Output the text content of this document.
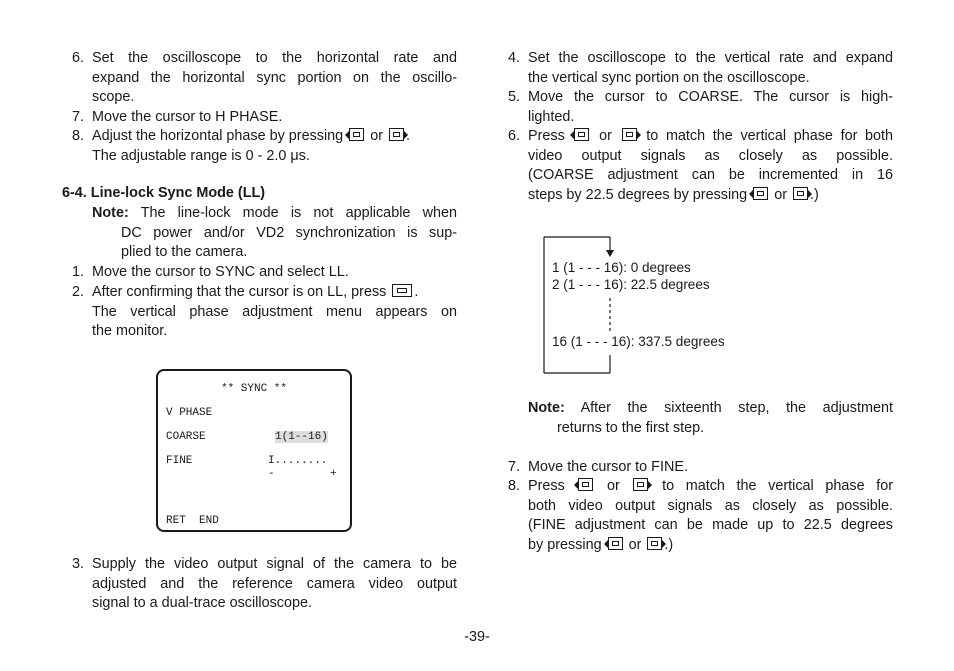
6. Set the oscilloscope to the horizontal rate and
expand the horizontal sync portion on the oscillo-
scope.
7. Move the cursor to H PHASE.
8. Adjust the horizontal phase by pressing or .
The adjustable range is 0 - 2.0 μs.
6-4. Line-lock Sync Mode (LL)
Note: The line-lock mode is not applicable when
DC power and/or VD2 synchronization is sup-
plied to the camera.
1. Move the cursor to SYNC and select LL.
2. After confirming that the cursor is on LL, press .
The vertical phase adjustment menu appears on
the monitor.
** SYNC **
V PHASE
COARSE	1(1--16)
FINE	I........
-	+
RET  END
3. Supply the video output signal of the camera to be
adjusted and the reference camera video output
signal to a dual-trace oscilloscope.
4. Set the oscilloscope to the vertical rate and expand
the vertical sync portion on the oscilloscope.
5. Move the cursor to COARSE. The cursor is high-
lighted.
6. Press or to match the vertical phase for both
video output signals as closely as possible.
(COARSE adjustment can be incremented in 16
steps by 22.5 degrees by pressing or .)
1 (1 - - - 16): 0 degrees
2 (1 - - - 16): 22.5 degrees
16 (1 - - - 16): 337.5 degrees
Note: After the sixteenth step, the adjustment
returns to the first step.
7. Move the cursor to FINE.
8. Press	or	to match the vertical phase for
both video output signals as closely as possible.
(FINE adjustment can be made up to 22.5 degrees
by pressing or .)
-39-
